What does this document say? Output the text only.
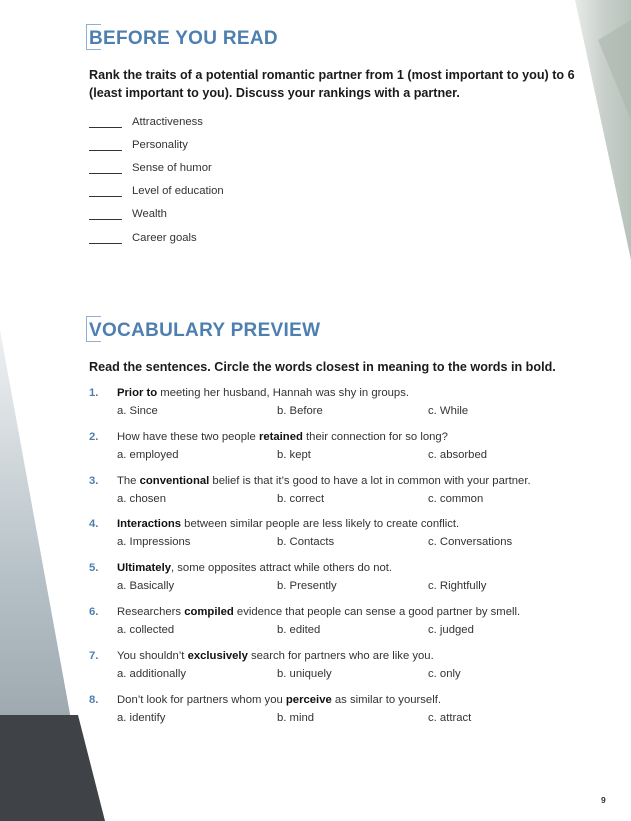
BEFORE YOU READ

Rank the traits of a potential romantic partner from 1 (most important to you) to 6 (least important to you). Discuss your rankings with a partner.

Attractiveness
Personality
Sense of humor
Level of education
Wealth
Career goals
VOCABULARY PREVIEW

Read the sentences. Circle the words closest in meaning to the words in bold.

1. Prior to meeting her husband, Hannah was shy in groups.
a. Since	b. Before	c. While
2. How have these two people retained their connection for so long?
a. employed	b. kept	c. absorbed
3. The conventional belief is that it’s good to have a lot in common with your partner.
a. chosen	b. correct	c. common
4. Interactions between similar people are less likely to create conflict.
a. Impressions	b. Contacts	c. Conversations
5. Ultimately, some opposites attract while others do not.
a. Basically	b. Presently	c. Rightfully
6. Researchers compiled evidence that people can sense a good partner by smell.
a. collected	b. edited	c. judged
7. You shouldn’t exclusively search for partners who are like you.
a. additionally	b. uniquely	c. only
8. Don’t look for partners whom you perceive as similar to yourself.
a. identify	b. mind	c. attract
9
